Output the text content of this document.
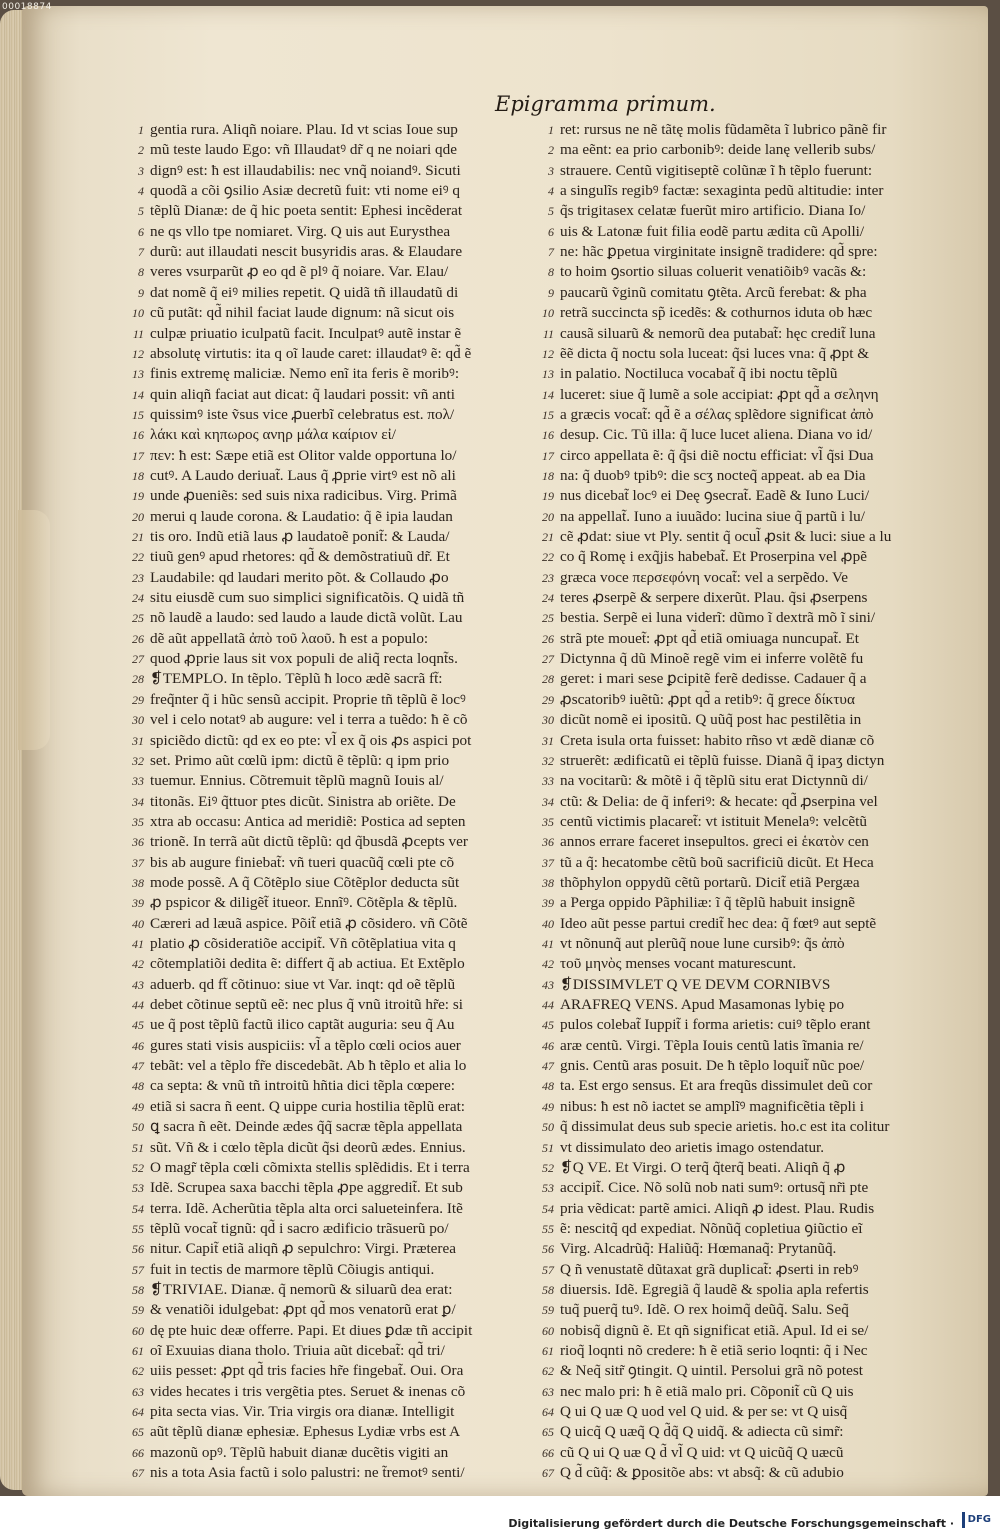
00018874
Epigramma primum.
1 gentia rura. Aliqñ noiare. Plau. Id vt scias Ioue sup
2 mũ teste laudo Ego: vñ Illaudatꝰ dr̃ q ne noiari qde
3 dignꝰ est: ħ est illaudabilis: nec vnq̃ noiandꝰ. Sicuti
4 quodã a cõi ꝯsilio Asiæ decretũ fuit: vti nome eiꝰ q
5 tẽplũ Dianæ: de q̃ hic poeta sentit: Ephesi incẽderat
6 ne qs vllo tpe nomiaret. Virg. Q uis aut Eurysthea
7 durũ: aut illaudati nescit busyridis aras. & Elaudare
8 veres vsurparũt ꝓ eo qd ẽ plꝰ q̃ noiare. Var. Elau/
9 dat nomẽ q̃ eiꝰ milies repetit. Q uidã tñ illaudatũ di
10 cũ putãt: qd̃ nihil faciat laude dignum: nã sicut ois
11 culpæ priuatio iculpatũ facit. Inculpatꝰ autẽ instar ẽ
12 absolutę virtutis: ita q oĩ laude caret: illaudatꝰ ẽ: qd̃ ẽ
13 finis extremę maliciæ. Nemo enĩ ita feris ẽ moribꝰ:
14 quin aliqñ faciat aut dicat: q̃ laudari possit: vñ anti
15 quissimꝰ iste ṽsus vice ꝓuerbĩ celebratus est. πολ/
16 λάκι καὶ κηπωρος ανηρ μάλα καίριον εἰ/
17 πεν: ħ est: Sæpe etiã est Olitor valde opportuna lo/
18 cutꝰ. A Laudo deriuat̃. Laus q̃ ꝓprie virtꝰ est nõ ali
19 unde ꝓueniẽs: sed suis nixa radicibus. Virg. Primã
20 merui q laude corona. & Laudatio: q̃ ẽ ipia laudan
21 tis oro. Indũ etiã laus ꝓ laudatoẽ ponit̃: & Lauda/
22 tiuũ genꝰ apud rhetores: qd̃ & demõstratiuũ dr̃. Et
23 Laudabile: qd laudari merito põt. & Collaudo ꝓo
24 situ eiusdẽ cum suo simplici significatõis. Q uidã tñ
25 nõ laudẽ a laudo: sed laudo a laude dictã volũt. Lau
26 dẽ aũt appellatã ἀπὸ τοῦ λαοῦ. ħ est a populo:
27 quod ꝓprie laus sit vox populi de aliq̃ recta loqnt̃s.
28 ❡TEMPLO. In tẽplo. Tẽplũ ħ loco ædẽ sacrã ft̃:
29 freq̃nter q̃ i hũc sensũ accipit. Proprie tñ tẽplũ ẽ locꝰ
30 vel i celo notatꝰ ab augure: vel i terra a tuẽdo: ħ ẽ cõ
31 spiciẽdo dictũ: qd ex eo pte: vl̃ ex q̃ ois ꝓs aspici pot
32 set. Primo aũt cœlũ ipm: dictũ ẽ tẽplũ: q ipm prio
33 tuemur. Ennius. Cõtremuit tẽplũ magnũ Iouis al/
34 titonãs. Eiꝰ q̃ttuor ptes dicũt. Sinistra ab oriẽte. De
35 xtra ab occasu: Antica ad meridiẽ: Postica ad septen
36 trionẽ. In terrã aũt dictũ tẽplũ: qd q̃busdã ꝓcepts ver
37 bis ab augure finiebat̃: vñ tueri quacũq̃ cœli pte cõ
38 mode possẽ. A q̃ Cõtẽplo siue Cõtẽplor deducta sũt
39 ꝓ pspicor & diligẽt̃ itueor. Ennĩꝰ. Cõtẽpla & tẽplũ.
40 Cæreri ad læuã aspice. Põit̃ etiã ꝓ cõsidero. vñ Cõtẽ
41 platio ꝓ cõsideratiõe accipit̃. Vñ cõtẽplatiua vita q
42 cõtemplatiõi dedita ẽ: differt q̃ ab actiua. Et Extẽplo
43 aduerb. qd ft̃ cõtinuo: siue vt Var. inqt: qd oẽ tẽplũ
44 debet cõtinue septũ eẽ: nec plus q̃ vnũ itroitũ hr̃e: si
45 ue q̃ post tẽplũ factũ ilico captãt auguria: seu q̃ Au
46 gures stati visis auspiciis: vl̃ a tẽplo cœli ocios auer
47 tebãt: vel a tẽplo fr̃e discedebãt. Ab ħ tẽplo et alia lo
48 ca septa: & vnũ tñ introitũ hñtia dici tẽpla cœpere:
49 etiã si sacra ñ eent. Q uippe curia hostilia tẽplũ erat:
50 ꝗ sacra ñ eẽt. Deinde ædes q̃q̃ sacræ tẽpla appellata
51 sũt. Vñ & i cœlo tẽpla dicũt q̃si deorũ ædes. Ennius.
52 O magr̃ tẽpla cœli cõmixta stellis splẽdidis. Et i terra
53 Idẽ. Scrupea saxa bacchi tẽpla ꝓpe aggredit̃. Et sub
54 terra. Idẽ. Acherũtia tẽpla alta orci salueteinfera. Itẽ
55 tẽplũ vocat̃ tignũ: qd̃ i sacro ædificio trãsuerũ po/
56 nitur. Capit̃ etiã aliqñ ꝓ sepulchro: Virgi. Præterea
57 fuit in tectis de marmore tẽplũ Cõiugis antiqui.
58 ❡TRIVIAE. Dianæ. q̃ nemorũ & siluarũ dea erat:
59 & venatiõi idulgebat: ꝓpt qd̃ mos venatorũ erat ꝑ/
60 dę pte huic deæ offerre. Papi. Et diues ꝑdæ tñ accipit
61 oĩ Exuuias diana tholo. Triuia aũt dicebat̃: qd̃ tri/
62 uiis pesset: ꝓpt qd̃ tris facies hr̃e fingebat̃. Oui. Ora
63 vides hecates i tris vergẽtia ptes. Seruet & inenas cõ
64 pita secta vias. Vir. Tria virgis ora dianæ. Intelligit
65 aũt tẽplũ dianæ ephesiæ. Ephesus Lydiæ vrbs est A
66 mazonũ opꝰ. Tẽplũ habuit dianæ ducẽtis vigiti an
67 nis a tota Asia factũ i solo palustri: ne t̃remotꝰ senti/
1 ret: rursus ne nẽ tãtę molis fũdamẽta ĩ lubrico pãnẽ fir
2 ma eẽnt: ea prio carbonibꝰ: deide lanę vellerib subs/
3 strauere. Centũ vigitiseptẽ colũnæ ĩ ħ tẽplo fuerunt:
4 a singulĩs regibꝰ factæ: sexaginta pedũ altitudie: inter
5 q̃s trigitasex celatæ fuerũt miro artificio. Diana Io/
6 uis & Latonæ fuit filia eodẽ partu ædita cũ Apolli/
7 ne: hãc ꝑpetua virginitate insignẽ tradidere: qd̃ spre:
8 to hoim ꝯsortio siluas coluerit venatiõibꝰ vacãs &:
9 paucarũ ṽginũ comitatu ꝯtẽta. Arcũ ferebat: & pha
10 retrã succincta sp̃ icedẽs: & cothurnos iduta ob hæc
11 causã siluarũ & nemorũ dea putabat̃: hęc credit̃ luna
12 ẽẽ dicta q̃ noctu sola luceat: q̃si luces vna: q̃ ꝓpt &
13 in palatio. Noctiluca vocabat̃ q̃ ibi noctu tẽplũ
14 luceret: siue q̃ lumẽ a sole accipiat: ꝓpt qd̃ a σεληνη
15 a græcis vocat̃: qd̃ ẽ a σέλας splẽdore significat ἀπὸ
16 desup. Cic. Tũ illa: q̃ luce lucet aliena. Diana vo id/
17 circo appellata ẽ: q̃ q̃si diẽ noctu efficiat: vl̃ q̃si Dua
18 na: q̃ duobꝰ tpibꝰ: die scʒ nocteq̃ appeat. ab ea Dia
19 nus dicebat̃ locꝰ ei Deę ꝯsecrat̃. Eadẽ & Iuno Luci/
20 na appellat̃. Iuno a iuuãdo: lucina siue q̃ partũ i lu/
21 cẽ ꝓdat: siue vt Ply. sentit q̃ ocul̃ ꝓsit & luci: siue a lu
22 co q̃ Romę i exq̃jis habebat̃. Et Proserpina vel ꝓpẽ
23 græca voce περσεφόνη vocat̃: vel a serpẽdo. Ve
24 teres ꝓserpẽ & serpere dixerũt. Plau. q̃si ꝓserpens
25 bestia. Serpẽ ei luna viderĩ: dũmo ĩ dextrã mõ ĩ sini/
26 strã pte mouet̃: ꝓpt qd̃ etiã omiuaga nuncupat̃. Et
27 Dictynna q̃ dũ Minoẽ regẽ vim ei inferre volẽtẽ fu
28 geret: i mari sese ꝑcipitẽ ferẽ dedisse. Cadauer q̃ a
29 ꝓscatoribꝰ iuẽtũ: ꝓpt qd̃ a retibꝰ: q̃ grece δίκτυα
30 dicũt nomẽ ei ipositũ. Q uũq̃ post hac pestilẽtia in
31 Creta isula orta fuisset: habito rñso vt ædẽ dianæ cõ
32 struerẽt: ædificatũ ei tẽplũ fuisse. Dianã q̃ ipaʒ dictyn
33 na vocitarũ: & mõtẽ i q̃ tẽplũ situ erat Dictynnũ di/
34 ctũ: & Delia: de q̃ inferiꝰ: & hecate: qd̃ ꝓserpina vel
35 centũ victimis placaret̃: vt istituit Menelaꝰ: velcẽtũ
36 annos errare faceret insepultos. greci ei ἑκατὸν cen
37 tũ a q̃: hecatombe cẽtũ boũ sacrificiũ dicũt. Et Heca
38 thõphylon oppydũ cẽtũ portarũ. Dicit̃ etiã Pergæa
39 a Perga oppido Pãphiliæ: ĩ q̃ tẽplũ habuit insignẽ
40 Ideo aũt pesse partui credit̃ hec dea: q̃ fœtꝰ aut septẽ
41 vt nõnunq̃ aut plerũq̃ noue lune cursibꝰ: q̃s ἀπὸ
42 τοῦ μηνὸς menses vocant maturescunt.
43 ❡DISSIMVLET Q VE DEVM CORNIBVS
44 ARAFREQ VENS. Apud Masamonas lybię po
45 pulos colebat̃ Iuppit̃ i forma arietis: cuiꝰ tẽplo erant
46 aræ centũ. Virgi. Tẽpla Iouis centũ latis ĩmania re/
47 gnis. Centũ aras posuit. De ħ tẽplo loquit̃ nũc poe/
48 ta. Est ergo sensus. Et ara freqũs dissimulet deũ cor
49 nibus: ħ est nõ iactet se amplĩꝰ magnificẽtia tẽpli i
50 q̃ dissimulat deus sub specie arietis. ho.c est ita colitur
51 vt dissimulato deo arietis imago ostendatur.
52 ❡Q VE. Et Virgi. O terq̃ q̃terq̃ beati. Aliqñ q̃ ꝓ
53 accipit̃. Cice. Nõ solũ nob nati sumꝰ: ortusq̃ nr̃i pte
54 pria vẽdicat: partẽ amici. Aliqñ ꝓ idest. Plau. Rudis
55 ẽ: nescitq̃ qd expediat. Nõnũq̃ copletiua ꝯiũctio eĩ
56 Virg. Alcadrũq̃: Haliũq̃: Hœmanaq̃: Prytanũq̃.
57 Q ñ venustatẽ dũtaxat grã duplicat̃: ꝓserti in rebꝰ
58 diuersis. Idẽ. Egregiã q̃ laudẽ & spolia apla refertis
59 tuq̃ puerq̃ tuꝰ. Idẽ. O rex hoimq̃ deũq̃. Salu. Seq̃
60 nobisq̃ dignũ ẽ. Et qñ significat etiã. Apul. Id ei se/
61 rioq̃ loqnti nõ credere: ħ ẽ etiã serio loqnti: q̃ i Nec
62 & Neq̃ sitr̃ ꝯtingit. Q uintil. Persolui grã nõ potest
63 nec malo pri: ħ ẽ etiã malo pri. Cõponit̃ cũ Q uis
64 Q ui Q uæ Q uod vel Q uid. & per se: vt Q uisq̃
65 Q uicq̃ Q uæq̃ Q d̃q̃ Q uidq̃. & adiecta cũ simr̃:
66 cũ Q ui Q uæ Q d̃ vl̃ Q uid: vt Q uicũq̃ Q uæcũ
67 Q d̃ cũq̃: & ꝑpositõe abs: vt absq̃: & cũ adubio
Digitalisierung gefördert durch die Deutsche Forschungsgemeinschaft ·	DFG
